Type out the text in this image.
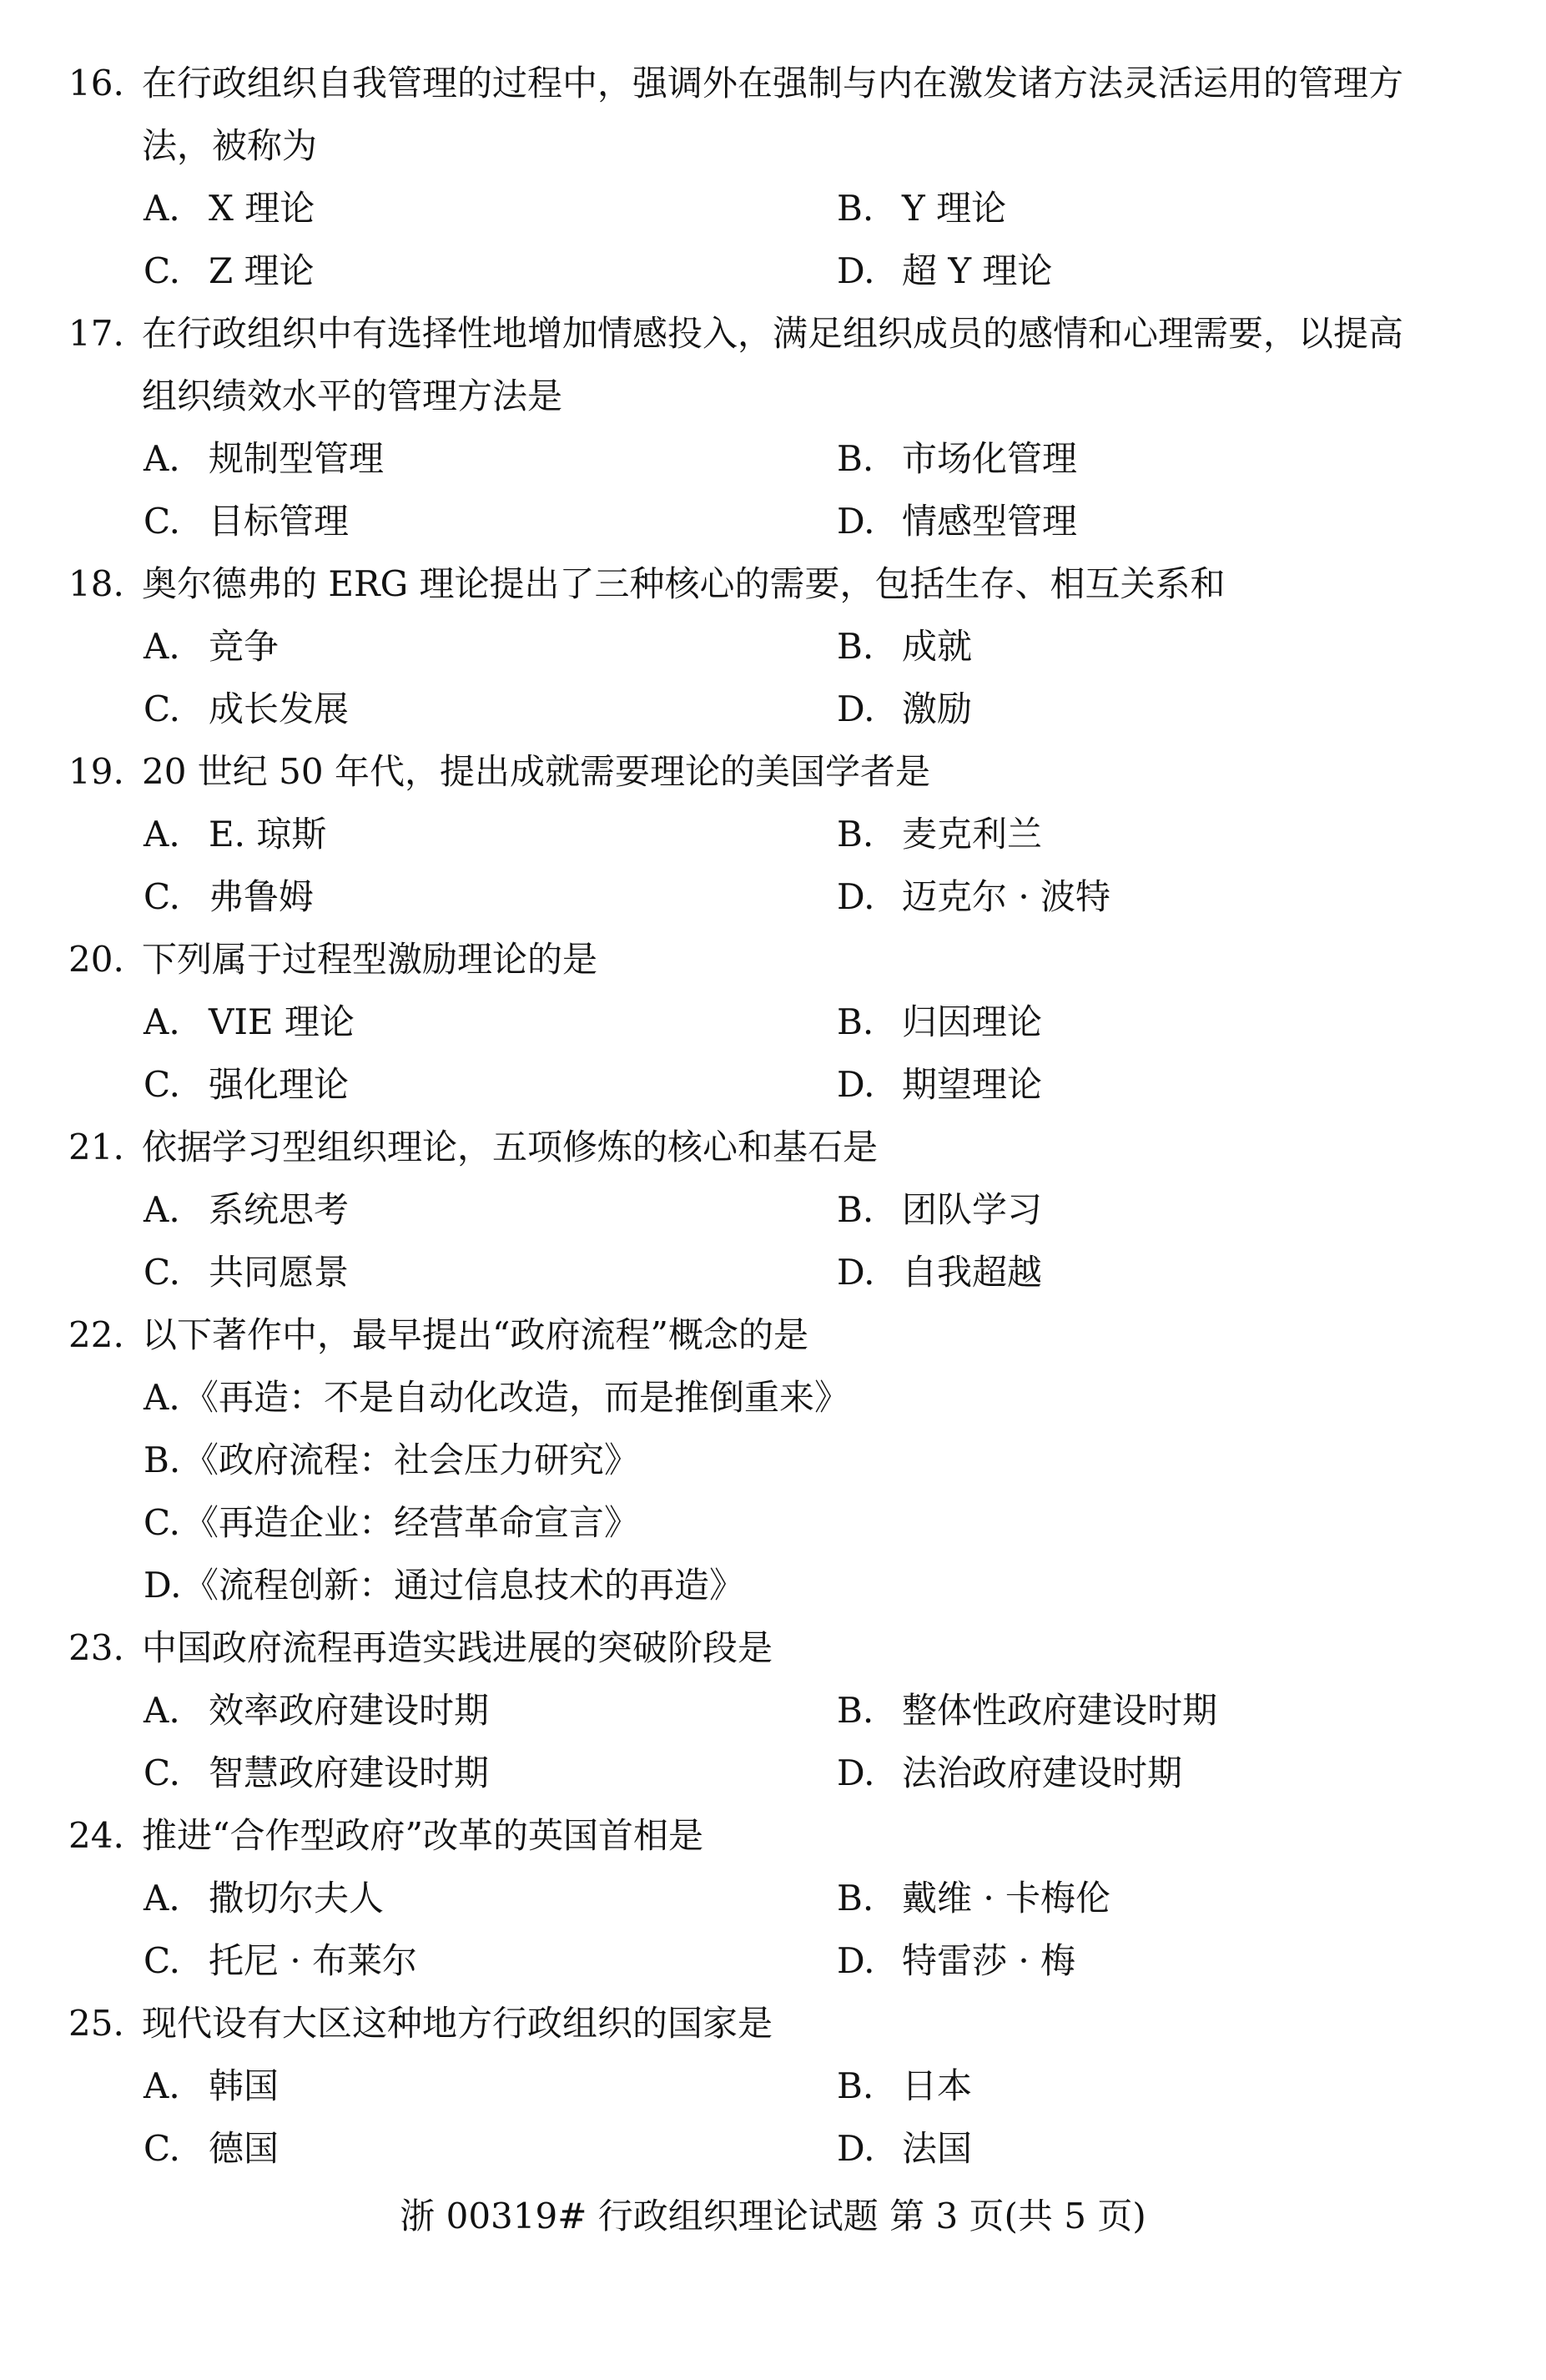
16. 在行政组织自我管理的过程中，强调外在强制与内在激发诸方法灵活运用的管理方
法，被称为
A. X 理论	B. Y 理论
C. Z 理论	D. 超 Y 理论
17. 在行政组织中有选择性地增加情感投入，满足组织成员的感情和心理需要，以提高
组织绩效水平的管理方法是
A. 规制型管理	B. 市场化管理
C. 目标管理	D. 情感型管理
18. 奥尔德弗的 ERG 理论提出了三种核心的需要，包括生存、相互关系和
A. 竞争	B. 成就
C. 成长发展	D. 激励
19. 20 世纪 50 年代，提出成就需要理论的美国学者是
A. E. 琼斯	B. 麦克利兰
C. 弗鲁姆	D. 迈克尔 · 波特
20. 下列属于过程型激励理论的是
A. VIE 理论	B. 归因理论
C. 强化理论	D. 期望理论
21. 依据学习型组织理论，五项修炼的核心和基石是
A. 系统思考	B. 团队学习
C. 共同愿景	D. 自我超越
22. 以下著作中，最早提出“政府流程”概念的是
A. 《再造：不是自动化改造，而是推倒重来》
B.《政府流程：社会压力研究》
C.《再造企业：经营革命宣言》
D.《流程创新：通过信息技术的再造》
23. 中国政府流程再造实践进展的突破阶段是
A. 效率政府建设时期	B. 整体性政府建设时期
C. 智慧政府建设时期	D. 法治政府建设时期
24. 推进“合作型政府”改革的英国首相是
A. 撒切尔夫人	B. 戴维 · 卡梅伦
C. 托尼 · 布莱尔	D. 特雷莎 · 梅
25. 现代设有大区这种地方行政组织的国家是
A. 韩国	B. 日本
C. 德国	D. 法国
浙 00319# 行政组织理论试题 第 3 页(共 5 页)
